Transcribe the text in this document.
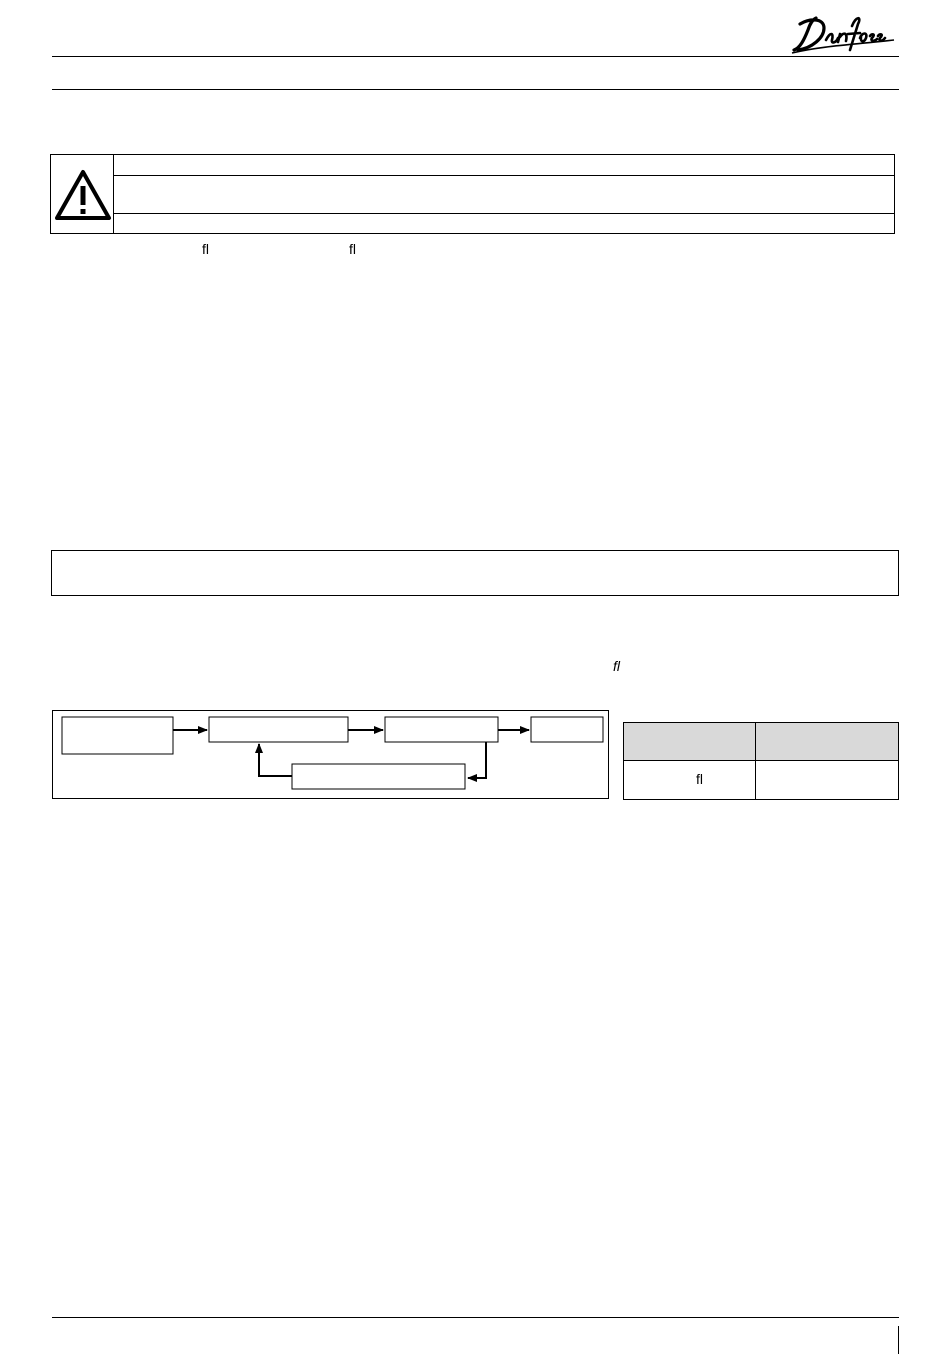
fl	fl
fl
fl
